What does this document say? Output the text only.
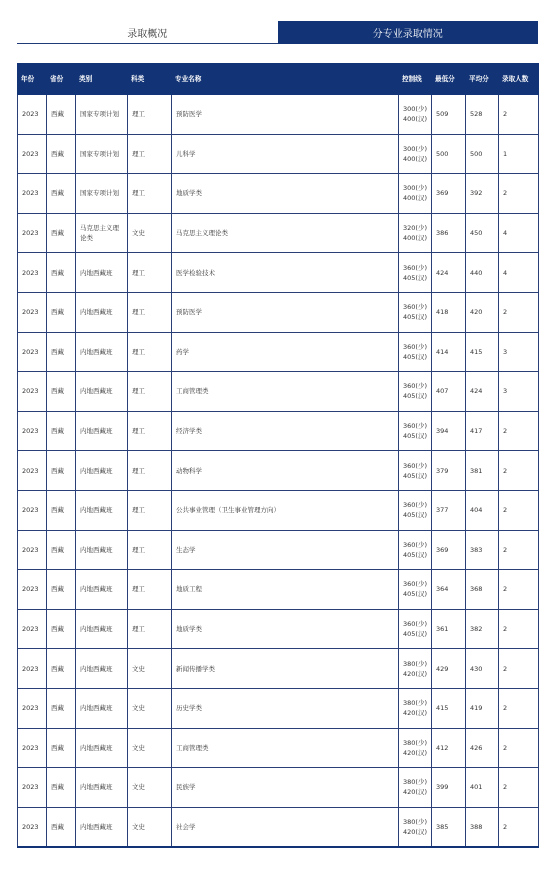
录取概况	分专业录取情况
年份	省份	类别	科类	专业名称	控制线	最低分	平均分	录取人数
2023	西藏	国家专项计划	理工	预防医学	300(少) 400(汉)	509	528	2
2023	西藏	国家专项计划	理工	儿科学	300(少) 400(汉)	500	500	1
2023	西藏	国家专项计划	理工	地质学类	300(少) 400(汉)	369	392	2
2023	西藏	马克思主义理论类	文史	马克思主义理论类	320(少) 400(汉)	386	450	4
2023	西藏	内地西藏班	理工	医学检验技术	360(少) 405(汉)	424	440	4
2023	西藏	内地西藏班	理工	预防医学	360(少) 405(汉)	418	420	2
2023	西藏	内地西藏班	理工	药学	360(少) 405(汉)	414	415	3
2023	西藏	内地西藏班	理工	工商管理类	360(少) 405(汉)	407	424	3
2023	西藏	内地西藏班	理工	经济学类	360(少) 405(汉)	394	417	2
2023	西藏	内地西藏班	理工	动物科学	360(少) 405(汉)	379	381	2
2023	西藏	内地西藏班	理工	公共事业管理（卫生事业管理方向）	360(少) 405(汉)	377	404	2
2023	西藏	内地西藏班	理工	生态学	360(少) 405(汉)	369	383	2
2023	西藏	内地西藏班	理工	地质工程	360(少) 405(汉)	364	368	2
2023	西藏	内地西藏班	理工	地质学类	360(少) 405(汉)	361	382	2
2023	西藏	内地西藏班	文史	新闻传播学类	380(少) 420(汉)	429	430	2
2023	西藏	内地西藏班	文史	历史学类	380(少) 420(汉)	415	419	2
2023	西藏	内地西藏班	文史	工商管理类	380(少) 420(汉)	412	426	2
2023	西藏	内地西藏班	文史	民族学	380(少) 420(汉)	399	401	2
2023	西藏	内地西藏班	文史	社会学	380(少) 420(汉)	385	388	2
